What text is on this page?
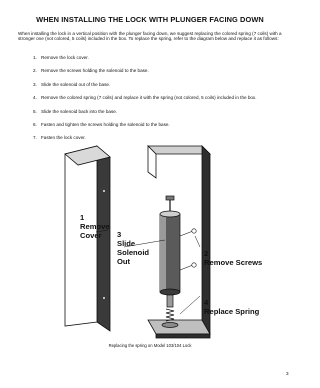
WHEN INSTALLING THE LOCK WITH PLUNGER FACING DOWN
When installing the lock in a vertical position with the plunger facing down, we suggest replacing the colored spring (7 coils) with a stronger one (not colored, 5 coils) included in the box. To replace the spring, refer to the diagram below and replace it as follows:
1. Remove the lock cover.
2. Remove the screws holding the solenoid to the base.
3. Slide the solenoid out of the base.
4. Remove the colored spring (7 coils) and replace it with the spring (not colored, 5 coils) included in the box.
5. Slide the solenoid back into the base.
6. Fasten and tighten the screws holding the solenoid to the base.
7. Fasten the lock cover.
1 Remove Cover	3 Slide Solenoid Out
2 Remove Screws
4 Replace Spring
Replacing the spring on Model 103/104 Lock
3
